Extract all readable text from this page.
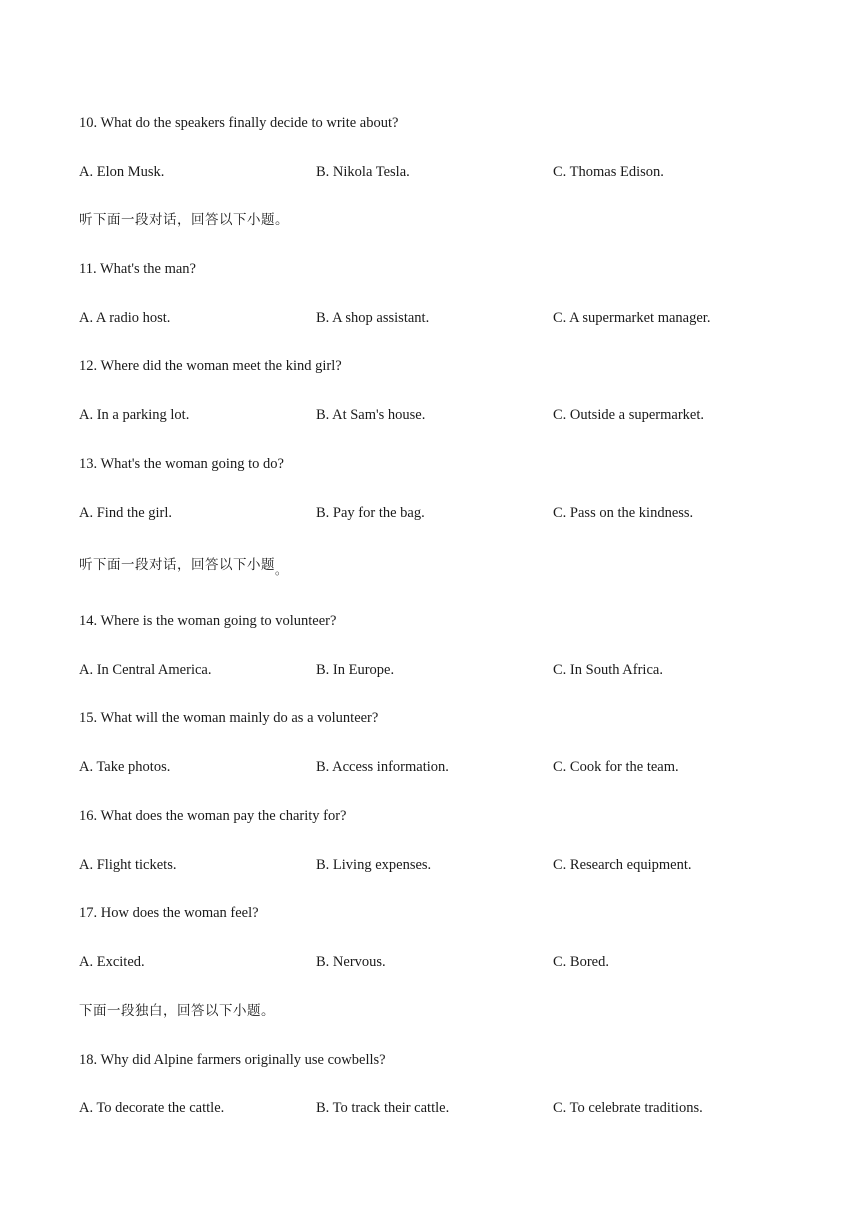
10. What do the speakers finally decide to write about?
A. Elon Musk.	B. Nikola Tesla.	C. Thomas Edison.
听下面一段对话，回答以下小题。
11. What's the man?
A. A radio host.	B. A shop assistant.	C. A supermarket manager.
12. Where did the woman meet the kind girl?
A. In a parking lot.	B. At Sam's house.	C. Outside a supermarket.
13. What's the woman going to do?
A. Find the girl.	B. Pay for the bag.	C. Pass on the kindness.
听下面一段对话，回答以下小题。
14. Where is the woman going to volunteer?
A. In Central America.	B. In Europe.	C. In South Africa.
15. What will the woman mainly do as a volunteer?
A. Take photos.	B. Access information.	C. Cook for the team.
16. What does the woman pay the charity for?
A. Flight tickets.	B. Living expenses.	C. Research equipment.
17. How does the woman feel?
A. Excited.	B. Nervous.	C. Bored.
下面一段独白，回答以下小题。
18. Why did Alpine farmers originally use cowbells?
A. To decorate the cattle.	B. To track their cattle.	C. To celebrate traditions.
